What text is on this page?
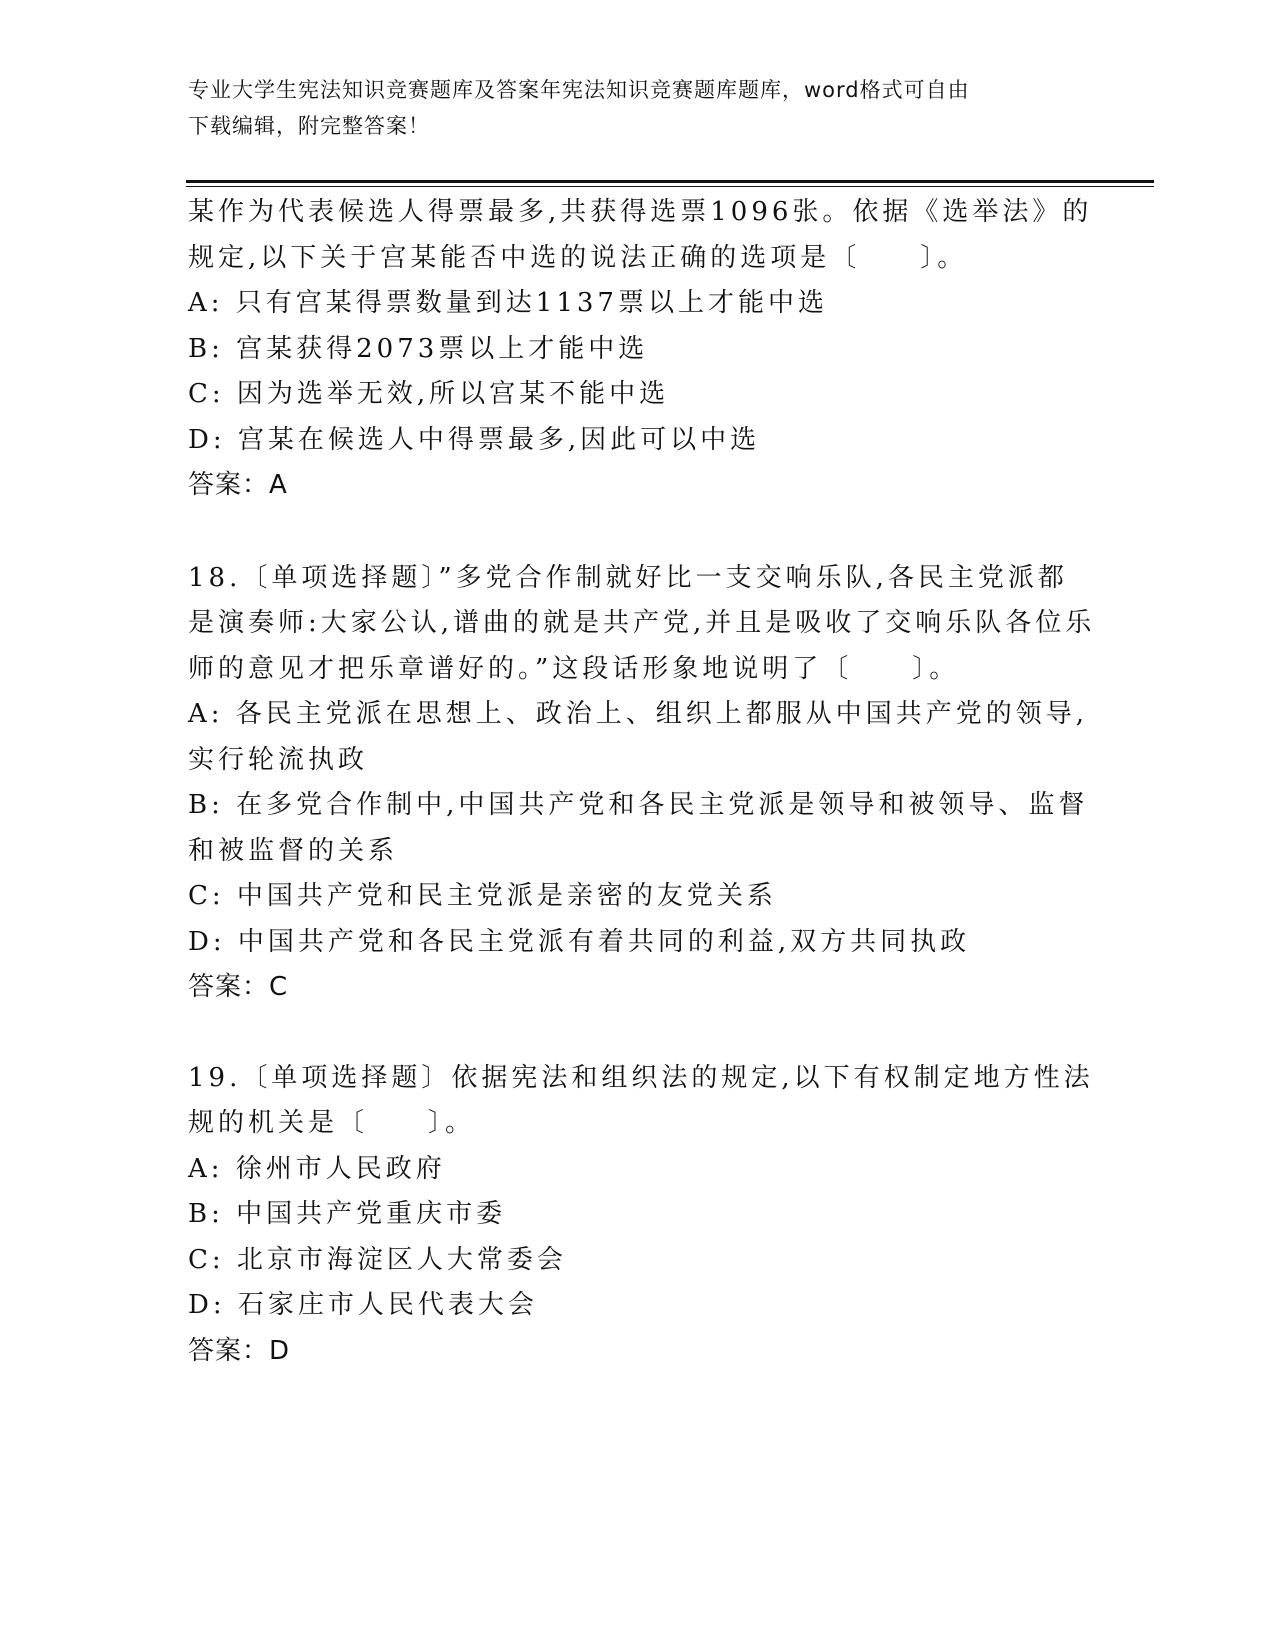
专业大学生宪法知识竞赛题库及答案年宪法知识竞赛题库题库，word格式可自由
下载编辑，附完整答案！
某作为代表候选人得票最多,共获得选票1096张。依据《选举法》的
规定,以下关于宫某能否中选的说法正确的选项是〔　　〕。
A: 只有宫某得票数量到达1137票以上才能中选
B: 宫某获得2073票以上才能中选
C: 因为选举无效,所以宫某不能中选
D: 宫某在候选人中得票最多,因此可以中选
答案：A
18.〔单项选择题〕”多党合作制就好比一支交响乐队,各民主党派都
是演奏师:大家公认,谱曲的就是共产党,并且是吸收了交响乐队各位乐
师的意见才把乐章谱好的。”这段话形象地说明了〔　　〕。
A: 各民主党派在思想上、政治上、组织上都服从中国共产党的领导,
实行轮流执政
B: 在多党合作制中,中国共产党和各民主党派是领导和被领导、监督
和被监督的关系
C: 中国共产党和民主党派是亲密的友党关系
D: 中国共产党和各民主党派有着共同的利益,双方共同执政
答案：C
19.〔单项选择题〕依据宪法和组织法的规定,以下有权制定地方性法
规的机关是〔　　〕。
A: 徐州市人民政府
B: 中国共产党重庆市委
C: 北京市海淀区人大常委会
D: 石家庄市人民代表大会
答案：D
